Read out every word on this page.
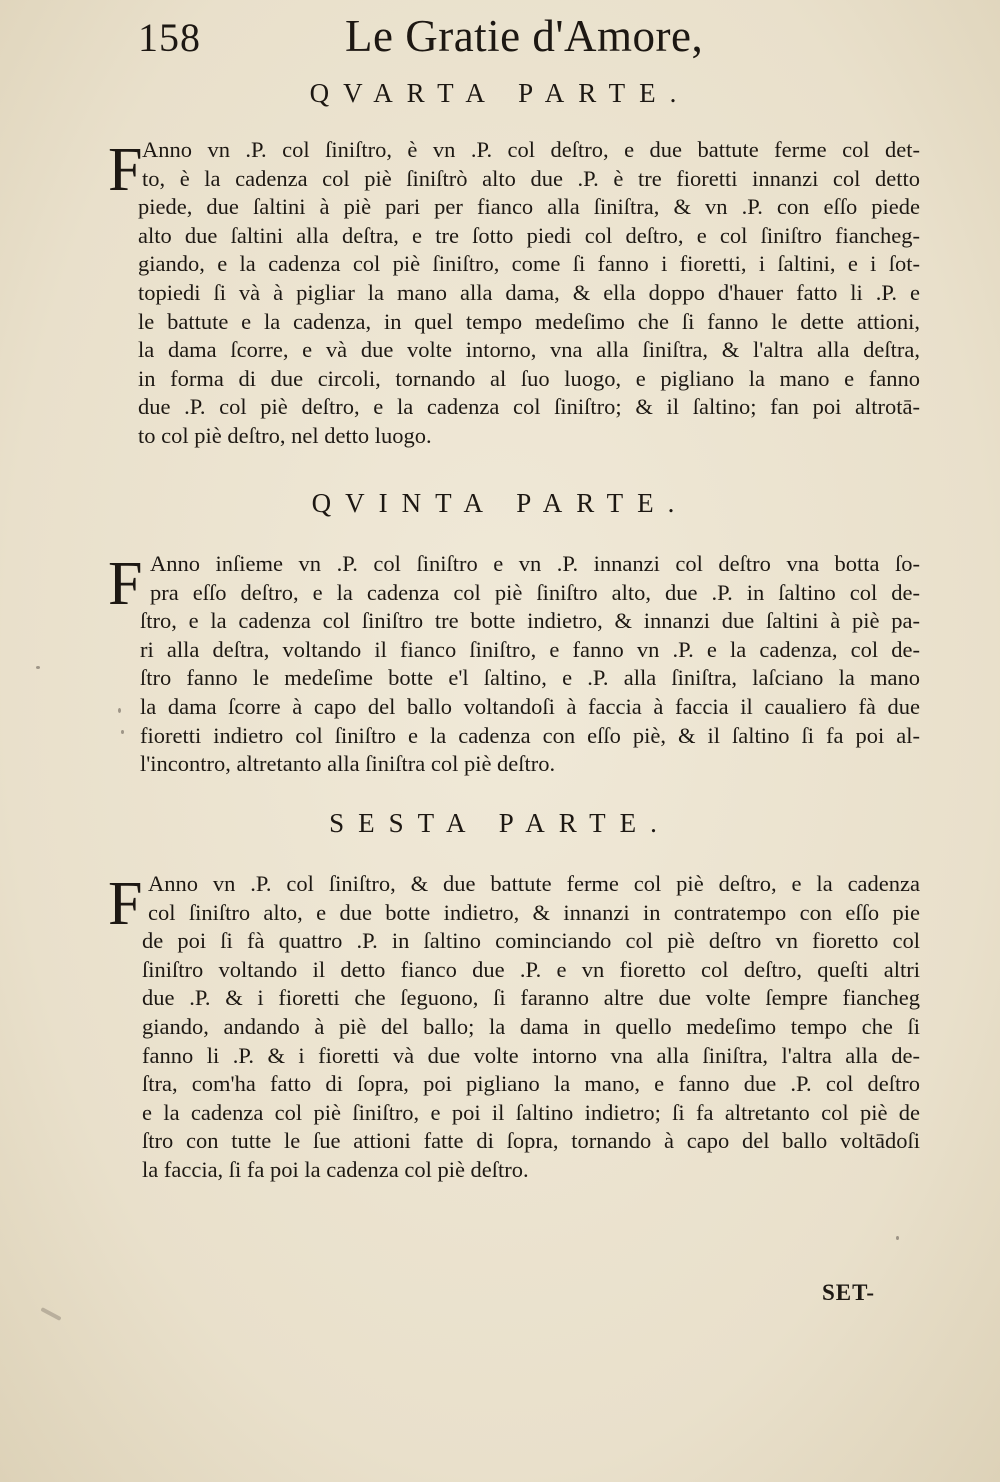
158	Le Gratie d'Amore,
QVARTA PARTE.
F Anno vn .P. col ſiniſtro, è vn .P. col deſtro, e due battute ferme col det-
to, è la cadenza col piè ſiniſtrò alto due .P. è tre fioretti innanzi col detto
piede, due ſaltini à piè pari per fianco alla ſiniſtra, & vn .P. con eſſo piede
alto due ſaltini alla deſtra, e tre ſotto piedi col deſtro, e col ſiniſtro fiancheg-
giando, e la cadenza col piè ſiniſtro, come ſi fanno i fioretti, i ſaltini, e i ſot-
topiedi ſi và à pigliar la mano alla dama, & ella doppo d'hauer fatto li .P. e
le battute e la cadenza, in quel tempo medeſimo che ſi fanno le dette attioni,
la dama ſcorre, e và due volte intorno, vna alla ſiniſtra, & l'altra alla deſtra,
in forma di due circoli, tornando al ſuo luogo, e pigliano la mano e fanno
due .P. col piè deſtro, e la cadenza col ſiniſtro; & il ſaltino; fan poi altrotā-
to col piè deſtro, nel detto luogo.
QVINTA PARTE.
F Anno inſieme vn .P. col ſiniſtro e vn .P. innanzi col deſtro vna botta ſo-
pra eſſo deſtro, e la cadenza col piè ſiniſtro alto, due .P. in ſaltino col de-
ſtro, e la cadenza col ſiniſtro tre botte indietro, & innanzi due ſaltini à piè pa-
ri alla deſtra, voltando il fianco ſiniſtro, e fanno vn .P. e la cadenza, col de-
ſtro fanno le medeſime botte e'l ſaltino, e .P. alla ſiniſtra, laſciano la mano
la dama ſcorre à capo del ballo voltandoſi à faccia à faccia il caualiero fà due
fioretti indietro col ſiniſtro e la cadenza con eſſo piè, & il ſaltino ſi fa poi al-
l'incontro, altretanto alla ſiniſtra col piè deſtro.
SESTA PARTE.
F Anno vn .P. col ſiniſtro, & due battute ferme col piè deſtro, e la cadenza
col ſiniſtro alto, e due botte indietro, & innanzi in contratempo con eſſo pie
de poi ſi fà quattro .P. in ſaltino cominciando col piè deſtro vn fioretto col
ſiniſtro voltando il detto fianco due .P. e vn fioretto col deſtro, queſti altri
due .P. & i fioretti che ſeguono, ſi faranno altre due volte ſempre fiancheg
giando, andando à piè del ballo; la dama in quello medeſimo tempo che ſi
fanno li .P. & i fioretti và due volte intorno vna alla ſiniſtra, l'altra alla de-
ſtra, com'ha fatto di ſopra, poi pigliano la mano, e fanno due .P. col deſtro
e la cadenza col piè ſiniſtro, e poi il ſaltino indietro; ſi fa altretanto col piè de
ſtro con tutte le ſue attioni fatte di ſopra, tornando à capo del ballo voltādoſi
la faccia, ſi fa poi la cadenza col piè deſtro.
SET-
